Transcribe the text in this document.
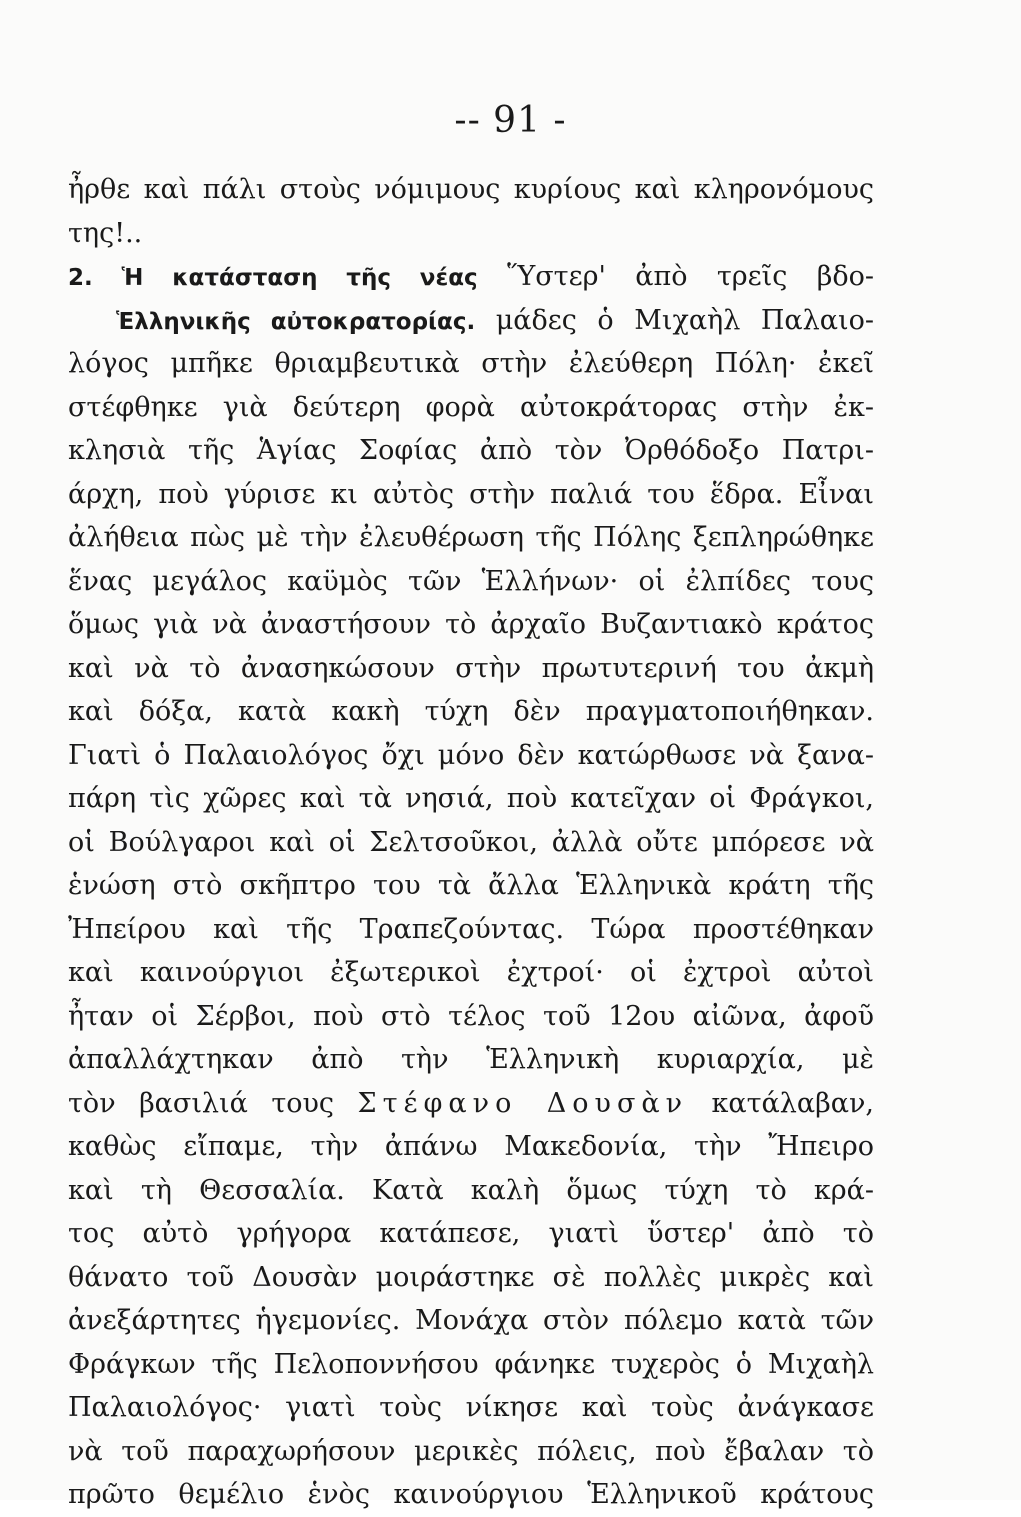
-- 91 -
ἦρθε καὶ πάλι στοὺς νόμιμους κυρίους καὶ κληρονόμους
της!..
2. Ἡ κατάσταση τῆς νέας Ὕστερ' ἀπὸ τρεῖς βδο-
Ἑλληνικῆς αὐτοκρατορίας. μάδες ὁ Μιχαὴλ Παλαιο-
λόγος μπῆκε θριαμβευτικὰ στὴν ἐλεύθερη Πόλη· ἐκεῖ
στέφθηκε γιὰ δεύτερη φορὰ αὐτοκράτορας στὴν ἐκ-
κλησιὰ τῆς Ἁγίας Σοφίας ἀπὸ τὸν Ὀρθόδοξο Πατρι-
άρχη, ποὺ γύρισε κι αὐτὸς στὴν παλιά του ἕδρα. Εἶναι
ἀλήθεια πὼς μὲ τὴν ἐλευθέρωση τῆς Πόλης ξεπληρώθηκε
ἕνας μεγάλος καϋμὸς τῶν Ἑλλήνων· οἱ ἐλπίδες τους
ὅμως γιὰ νὰ ἀναστήσουν τὸ ἀρχαῖο Βυζαντιακὸ κράτος
καὶ νὰ τὸ ἀνασηκώσουν στὴν πρωτυτερινή του ἀκμὴ
καὶ δόξα, κατὰ κακὴ τύχη δὲν πραγματοποιήθηκαν.
Γιατὶ ὁ Παλαιολόγος ὄχι μόνο δὲν κατώρθωσε νὰ ξανα-
πάρη τὶς χῶρες καὶ τὰ νησιά, ποὺ κατεῖχαν οἱ Φράγκοι,
οἱ Βούλγαροι καὶ οἱ Σελτσοῦκοι, ἀλλὰ οὔτε μπόρεσε νὰ
ἑνώση στὸ σκῆπτρο του τὰ ἄλλα Ἑλληνικὰ κράτη τῆς
Ἠπείρου καὶ τῆς Τραπεζούντας. Τώρα προστέθηκαν
καὶ καινούργιοι ἐξωτερικοὶ ἐχτροί· οἱ ἐχτροὶ αὐτοὶ
ἦταν οἱ Σέρβοι, ποὺ στὸ τέλος τοῦ 12ου αἰῶνα, ἀφοῦ
ἀπαλλάχτηκαν ἀπὸ τὴν Ἑλληνικὴ κυριαρχία, μὲ
τὸν βασιλιά τους Στέφανο Δουσὰν κατάλαβαν,
καθὼς εἴπαμε, τὴν ἀπάνω Μακεδονία, τὴν Ἤπειρο
καὶ τὴ Θεσσαλία. Κατὰ καλὴ ὅμως τύχη τὸ κρά-
τος αὐτὸ γρήγορα κατάπεσε, γιατὶ ὕστερ' ἀπὸ τὸ
θάνατο τοῦ Δουσὰν μοιράστηκε σὲ πολλὲς μικρὲς καὶ
ἀνεξάρτητες ἡγεμονίες. Μονάχα στὸν πόλεμο κατὰ τῶν
Φράγκων τῆς Πελοποννήσου φάνηκε τυχερὸς ὁ Μιχαὴλ
Παλαιολόγος· γιατὶ τοὺς νίκησε καὶ τοὺς ἀνάγκασε
νὰ τοῦ παραχωρήσουν μερικὲς πόλεις, ποὺ ἔβαλαν τὸ
πρῶτο θεμέλιο ἑνὸς καινούργιου Ἑλληνικοῦ κράτους
